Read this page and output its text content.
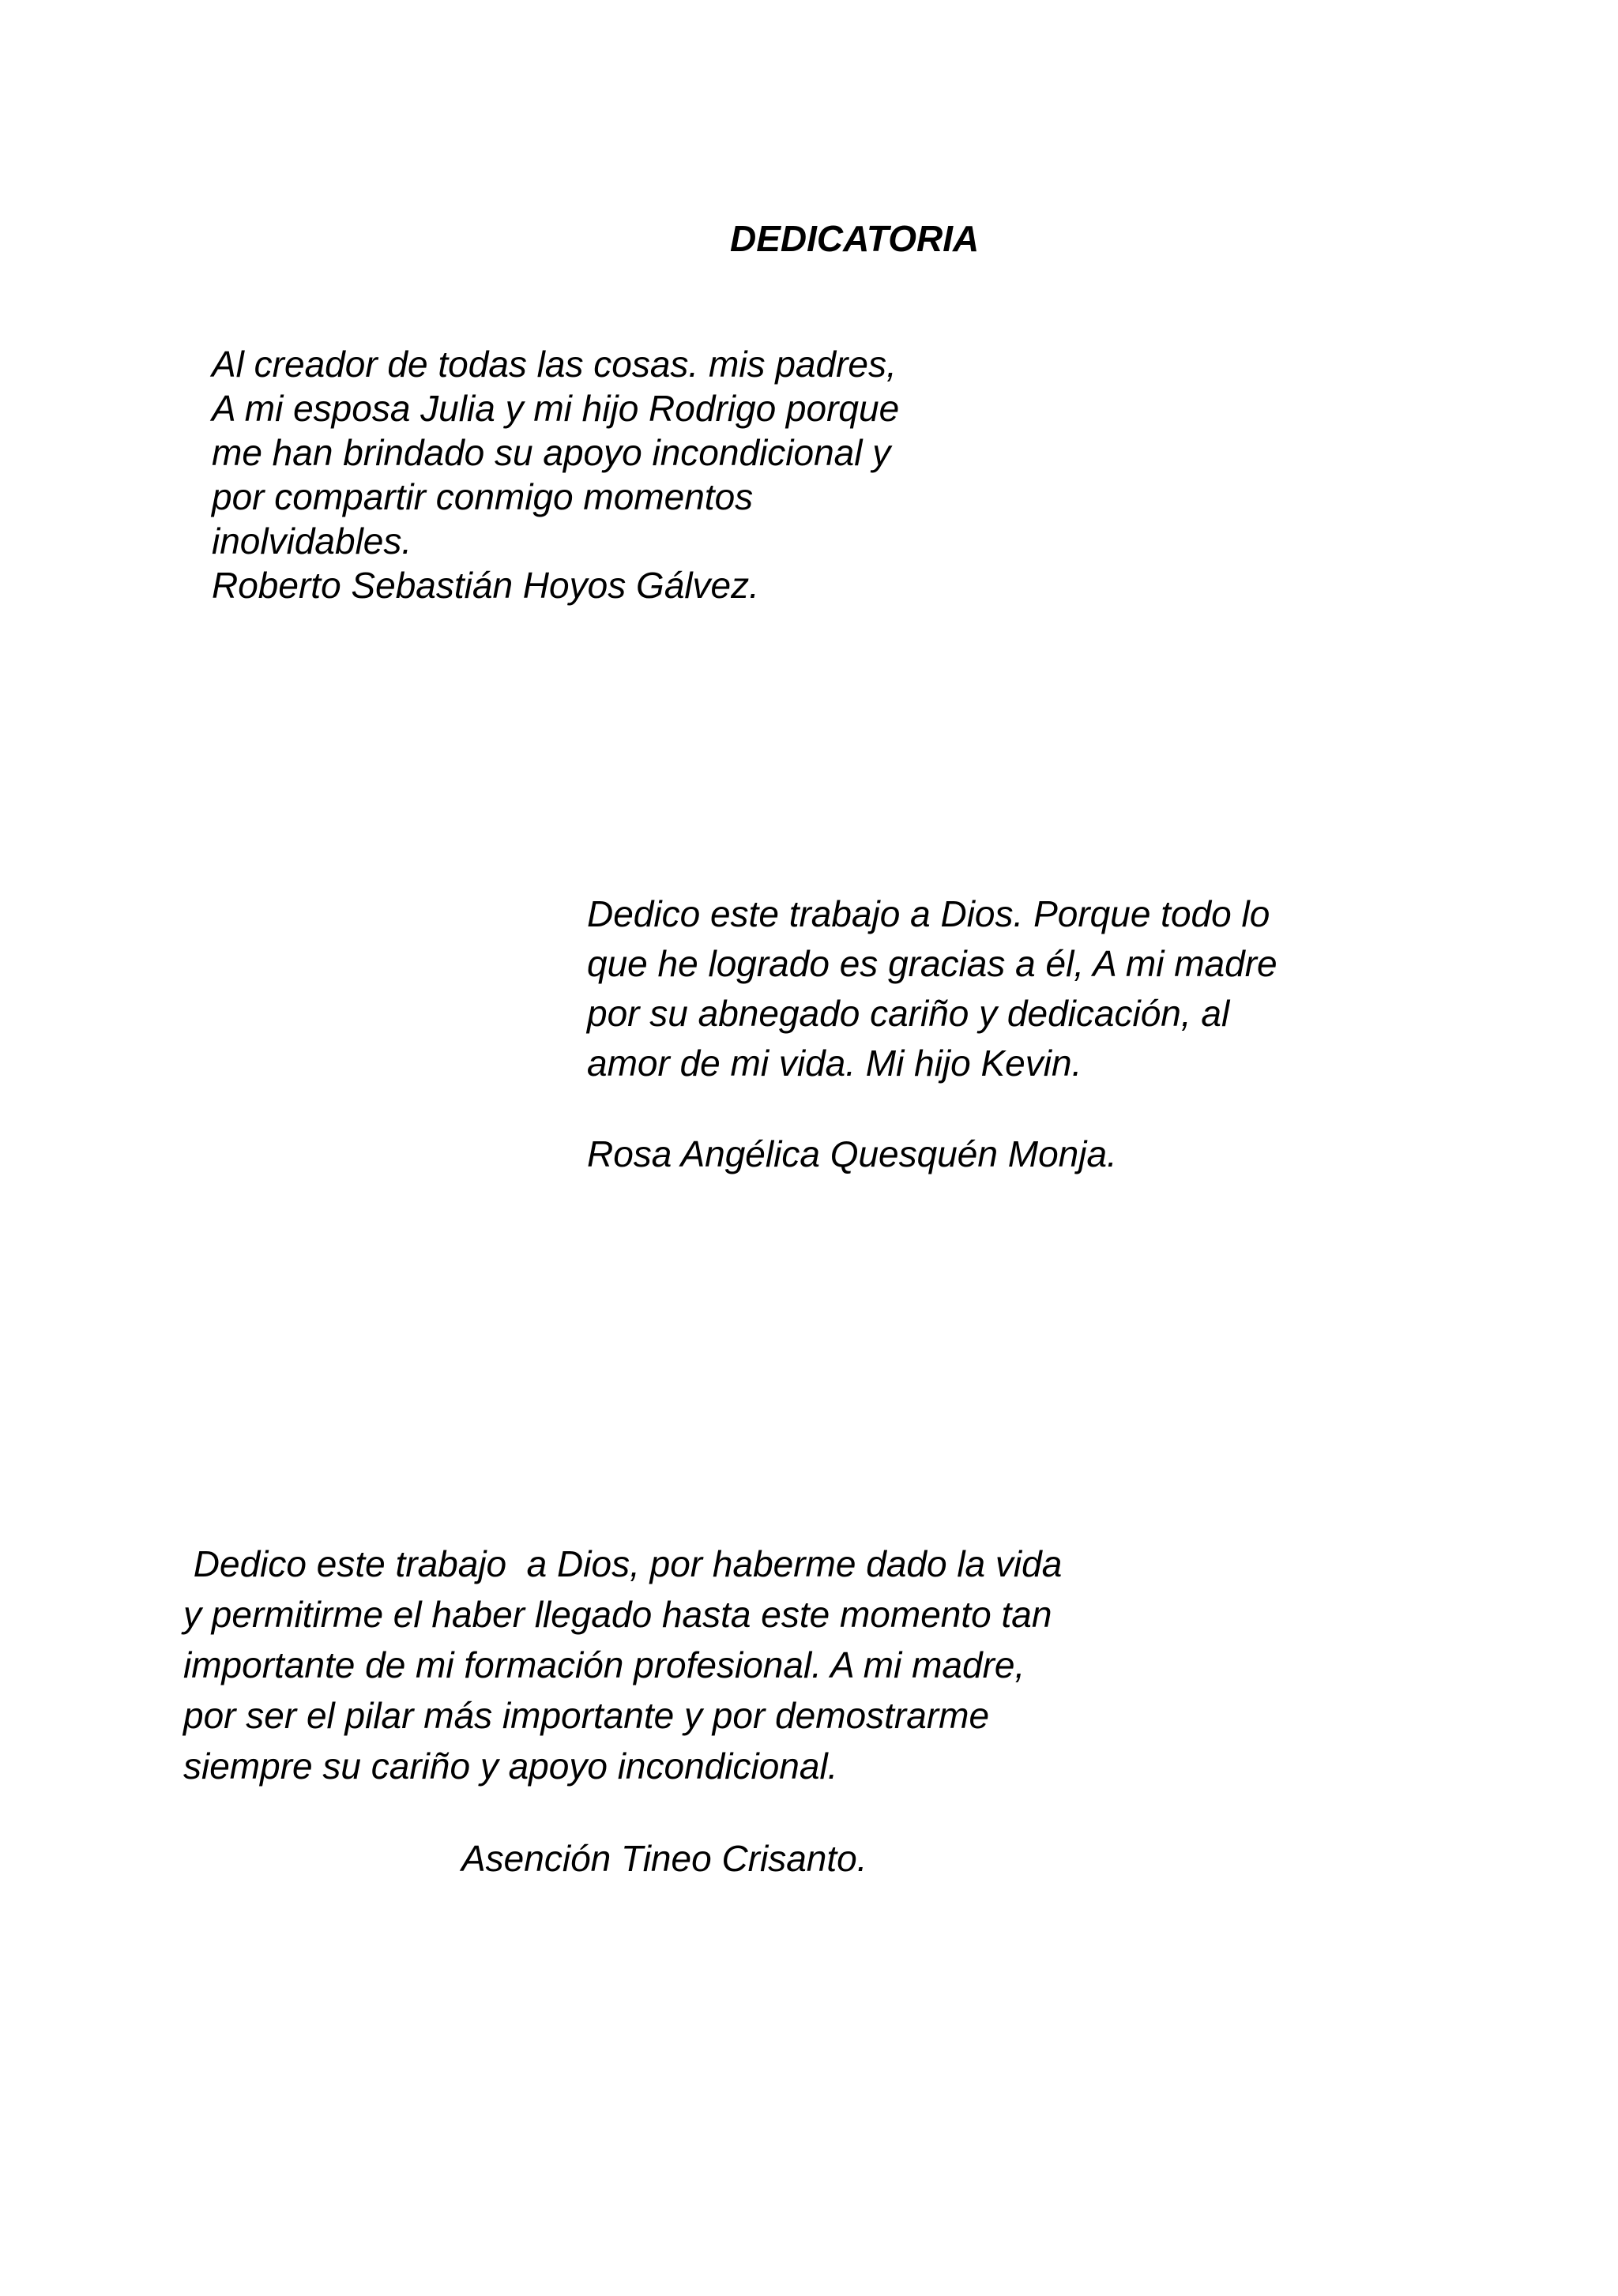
DEDICATORIA
Al creador de todas las cosas. mis padres,
A mi esposa Julia y mi hijo Rodrigo porque
me han brindado su apoyo incondicional y
por compartir conmigo momentos
inolvidables.
Roberto Sebastián Hoyos Gálvez.
Dedico este trabajo a Dios. Porque todo lo
que he logrado es gracias a él, A mi madre
por su abnegado cariño y dedicación, al
amor de mi vida. Mi hijo Kevin.
Rosa Angélica Quesquén Monja.
Dedico este trabajo  a Dios, por haberme dado la vida
y permitirme el haber llegado hasta este momento tan
importante de mi formación profesional. A mi madre,
por ser el pilar más importante y por demostrarme
siempre su cariño y apoyo incondicional.
Asención Tineo Crisanto.
